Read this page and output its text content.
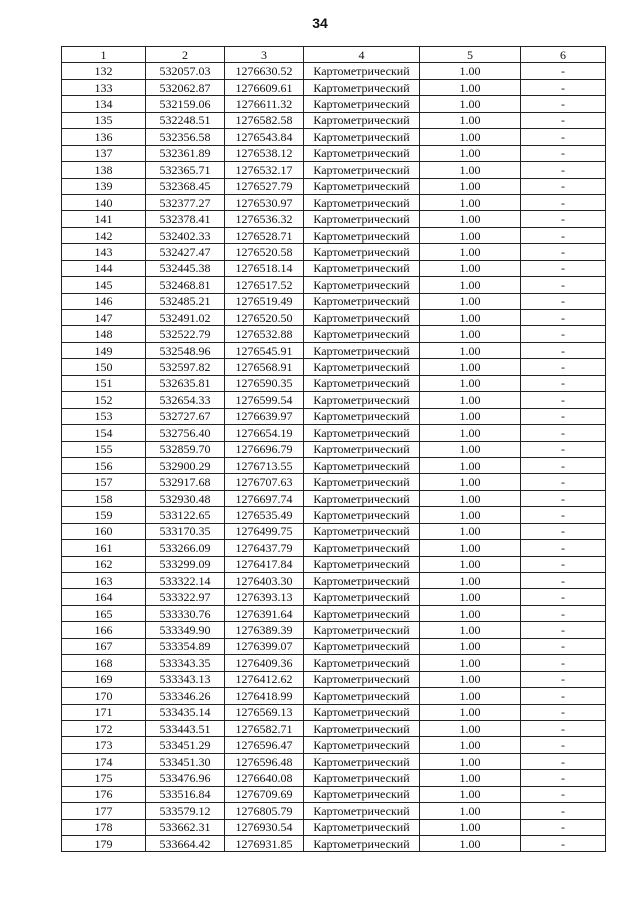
34
1	2	3	4	5	6
132	532057.03	1276630.52	Картометрический	1.00	-
133	532062.87	1276609.61	Картометрический	1.00	-
134	532159.06	1276611.32	Картометрический	1.00	-
135	532248.51	1276582.58	Картометрический	1.00	-
136	532356.58	1276543.84	Картометрический	1.00	-
137	532361.89	1276538.12	Картометрический	1.00	-
138	532365.71	1276532.17	Картометрический	1.00	-
139	532368.45	1276527.79	Картометрический	1.00	-
140	532377.27	1276530.97	Картометрический	1.00	-
141	532378.41	1276536.32	Картометрический	1.00	-
142	532402.33	1276528.71	Картометрический	1.00	-
143	532427.47	1276520.58	Картометрический	1.00	-
144	532445.38	1276518.14	Картометрический	1.00	-
145	532468.81	1276517.52	Картометрический	1.00	-
146	532485.21	1276519.49	Картометрический	1.00	-
147	532491.02	1276520.50	Картометрический	1.00	-
148	532522.79	1276532.88	Картометрический	1.00	-
149	532548.96	1276545.91	Картометрический	1.00	-
150	532597.82	1276568.91	Картометрический	1.00	-
151	532635.81	1276590.35	Картометрический	1.00	-
152	532654.33	1276599.54	Картометрический	1.00	-
153	532727.67	1276639.97	Картометрический	1.00	-
154	532756.40	1276654.19	Картометрический	1.00	-
155	532859.70	1276696.79	Картометрический	1.00	-
156	532900.29	1276713.55	Картометрический	1.00	-
157	532917.68	1276707.63	Картометрический	1.00	-
158	532930.48	1276697.74	Картометрический	1.00	-
159	533122.65	1276535.49	Картометрический	1.00	-
160	533170.35	1276499.75	Картометрический	1.00	-
161	533266.09	1276437.79	Картометрический	1.00	-
162	533299.09	1276417.84	Картометрический	1.00	-
163	533322.14	1276403.30	Картометрический	1.00	-
164	533322.97	1276393.13	Картометрический	1.00	-
165	533330.76	1276391.64	Картометрический	1.00	-
166	533349.90	1276389.39	Картометрический	1.00	-
167	533354.89	1276399.07	Картометрический	1.00	-
168	533343.35	1276409.36	Картометрический	1.00	-
169	533343.13	1276412.62	Картометрический	1.00	-
170	533346.26	1276418.99	Картометрический	1.00	-
171	533435.14	1276569.13	Картометрический	1.00	-
172	533443.51	1276582.71	Картометрический	1.00	-
173	533451.29	1276596.47	Картометрический	1.00	-
174	533451.30	1276596.48	Картометрический	1.00	-
175	533476.96	1276640.08	Картометрический	1.00	-
176	533516.84	1276709.69	Картометрический	1.00	-
177	533579.12	1276805.79	Картометрический	1.00	-
178	533662.31	1276930.54	Картометрический	1.00	-
179	533664.42	1276931.85	Картометрический	1.00	-
